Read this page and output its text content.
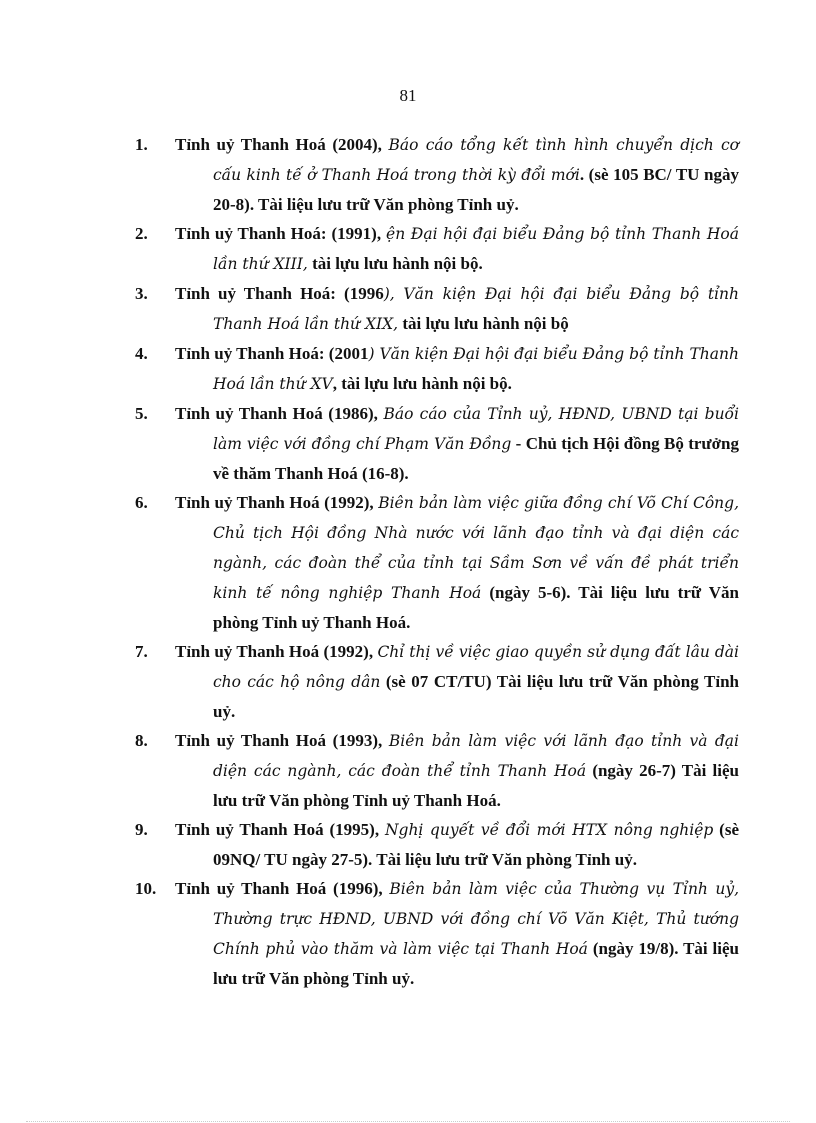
81
1.	Tỉnh uỷ Thanh Hoá (2004), Báo cáo tổng kết tình hình chuyển dịch cơ cấu kinh tế ở Thanh Hoá trong thời kỳ đổi mới. (sè 105 BC/ TU ngày 20-8). Tài liệu lưu trữ Văn phòng Tỉnh uỷ.
2.	Tỉnh uỷ Thanh Hoá: (1991), ện Đại hội đại biểu Đảng bộ tỉnh Thanh Hoá lần thứ XIII, tài lựu lưu hành nội bộ.
3.	Tỉnh uỷ Thanh Hoá: (1996), Văn kiện Đại hội đại biểu Đảng bộ tỉnh Thanh Hoá lần thứ XIX, tài lựu lưu hành nội bộ
4.	Tỉnh uỷ Thanh Hoá: (2001) Văn kiện Đại hội đại biểu Đảng bộ tỉnh Thanh Hoá lần thứ XV, tài lựu lưu hành nội bộ.
5.	Tỉnh uỷ Thanh Hoá (1986), Báo cáo của Tỉnh uỷ, HĐND, UBND tại buổi làm việc với đồng chí Phạm Văn Đồng - Chủ tịch Hội đồng Bộ trưởng về thăm Thanh Hoá (16-8).
6.	Tỉnh uỷ Thanh Hoá (1992), Biên bản làm việc giữa đồng chí Võ Chí Công, Chủ tịch Hội đồng Nhà nước với lãnh đạo tỉnh và đại diện các ngành, các đoàn thể của tỉnh tại Sầm Sơn về vấn đề phát triển kinh tế nông nghiệp Thanh Hoá (ngày 5-6). Tài liệu lưu trữ Văn phòng Tỉnh uỷ Thanh Hoá.
7.	Tỉnh uỷ Thanh Hoá (1992), Chỉ thị về việc giao quyền sử dụng đất lâu dài cho các hộ nông dân (sè 07 CT/TU) Tài liệu lưu trữ Văn phòng Tỉnh uỷ.
8.	Tỉnh uỷ Thanh Hoá (1993), Biên bản làm việc với lãnh đạo tỉnh và đại diện các ngành, các đoàn thể tỉnh Thanh Hoá (ngày 26-7) Tài liệu lưu trữ Văn phòng Tỉnh uỷ Thanh Hoá.
9.	Tỉnh uỷ Thanh Hoá (1995), Nghị quyết về đổi mới HTX nông nghiệp (sè 09NQ/ TU ngày 27-5). Tài liệu lưu trữ Văn phòng Tỉnh uỷ.
10.	Tỉnh uỷ Thanh Hoá (1996), Biên bản làm việc của Thường vụ Tỉnh uỷ, Thường trực HĐND, UBND với đồng chí Võ Văn Kiệt, Thủ tướng Chính phủ vào thăm và làm việc tại Thanh Hoá (ngày 19/8). Tài liệu lưu trữ Văn phòng Tỉnh uỷ.
